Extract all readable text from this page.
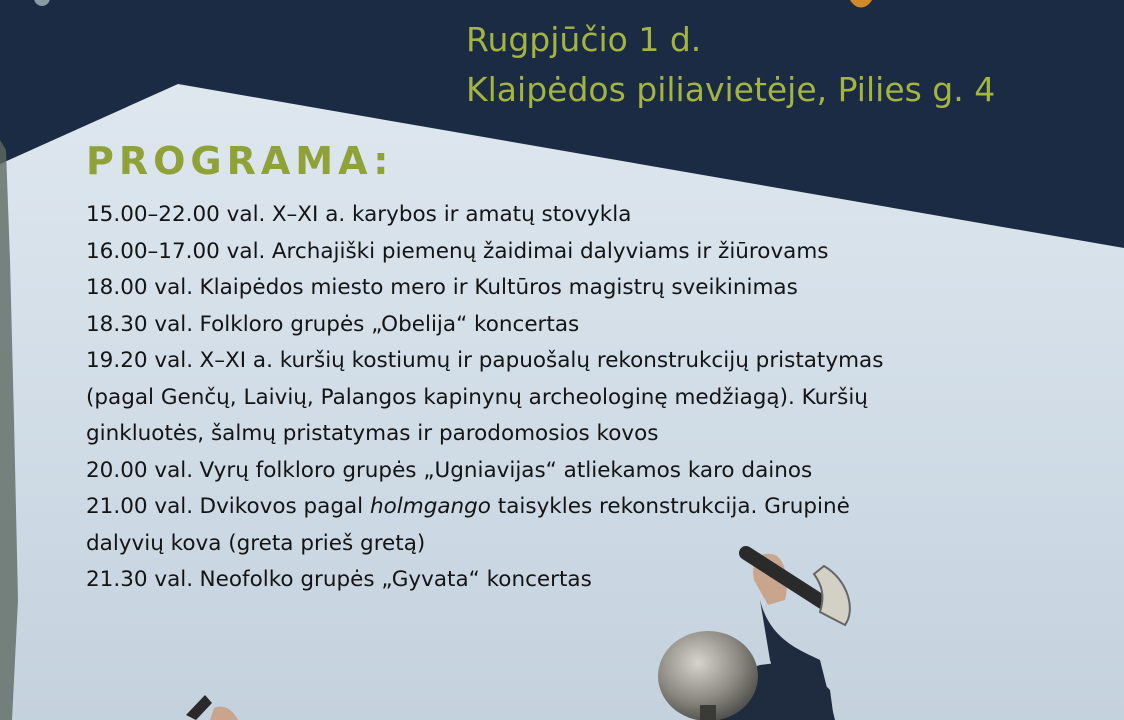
Rugpjūčio 1 d.
Klaipėdos piliavietėje, Pilies g. 4
PROGRAMA:
15.00–22.00 val. X–XI a. karybos ir amatų stovykla
16.00–17.00 val. Archajiški piemenų žaidimai dalyviams ir žiūrovams
18.00 val. Klaipėdos miesto mero ir Kultūros magistrų sveikinimas
18.30 val. Folkloro grupės „Obelija“ koncertas
19.20 val. X–XI a. kuršių kostiumų ir papuošalų rekonstrukcijų pristatymas
(pagal Genčų, Laivių, Palangos kapinynų archeologinę medžiagą). Kuršių
ginkluotės, šalmų pristatymas ir parodomosios kovos
20.00 val. Vyrų folkloro grupės „Ugniavijas“ atliekamos karo dainos
21.00 val. Dvikovos pagal holmgango taisykles rekonstrukcija. Grupinė
dalyvių kova (greta prieš gretą)
21.30 val. Neofolko grupės „Gyvata“ koncertas
